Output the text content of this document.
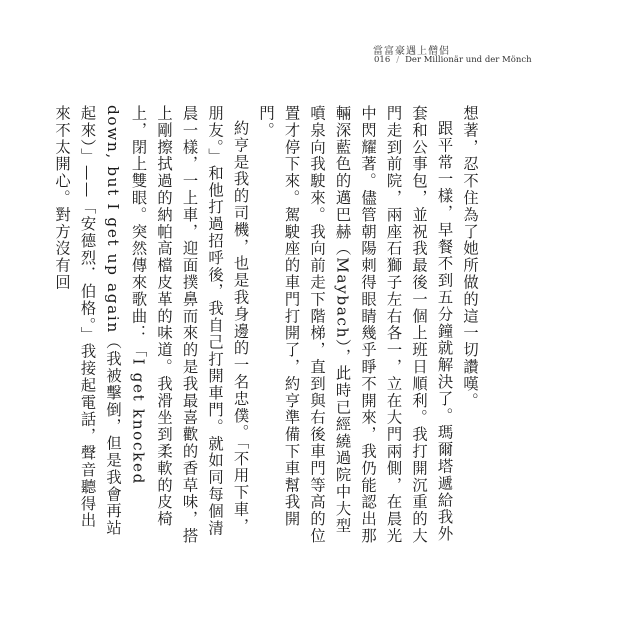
當富豪遇上僧侶
016 / Der Millionär und der Mönch

想著，忍不住為了她所做的這一切讚嘆。

跟平常一樣，早餐不到五分鐘就解決了。瑪爾塔遞給我外套和公事包，並祝我最後一個上班日順利。我打開沉重的大門走到前院，兩座石獅子左右各一，立在大門兩側，在晨光中閃耀著。儘管朝陽刺得眼睛幾乎睜不開來，我仍能認出那輛深藍色的邁巴赫（Maybach），此時已經繞過院中大型噴泉向我駛來。我向前走下階梯，直到與右後車門等高的位置才停下來。駕駛座的車門打開了，約亨準備下車幫我開門。

約亨是我的司機，也是我身邊的一名忠僕。「不用下車，朋友。」和他打過招呼後，我自己打開車門。就如同每個清晨一樣，一上車，迎面撲鼻而來的是我最喜歡的香草味，搭上剛擦拭過的納帕高檔皮革的味道。我滑坐到柔軟的皮椅上，閉上雙眼。突然傳來歌曲：「I get knocked down, but I get up again（我被擊倒，但是我會再站起來）」——「安德烈．伯格。」我接起電話，聲音聽得出來不太開心。對方沒有回
